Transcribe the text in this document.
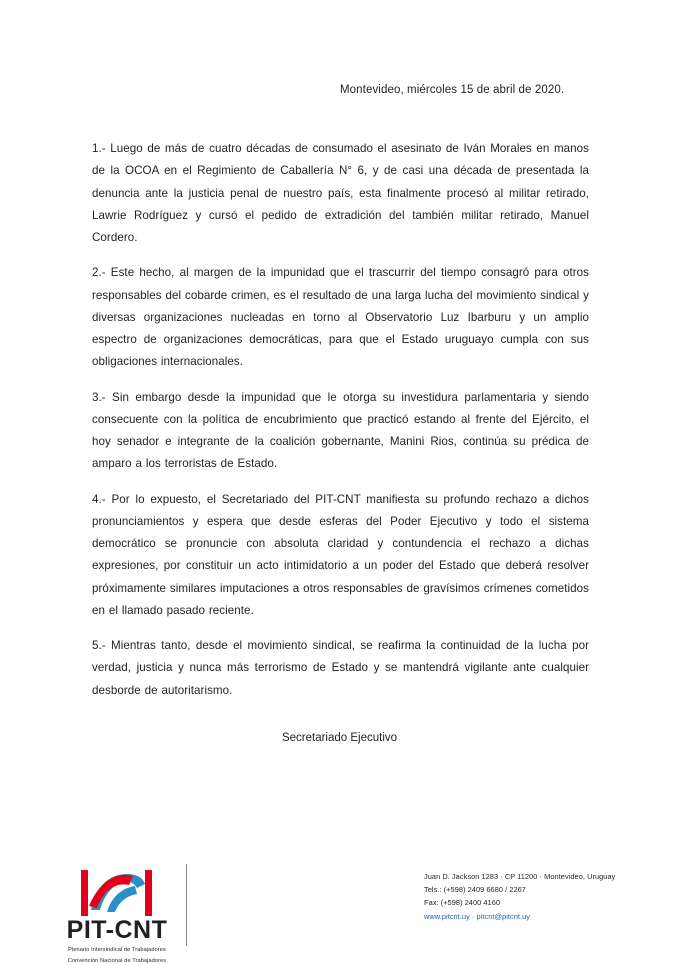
Montevideo, miércoles 15 de abril de 2020.

1.- Luego de más de cuatro décadas de consumado el asesinato de Iván Morales en manos de la OCOA en el Regimiento de Caballería N° 6, y de casi una década de presentada la denuncia ante la justicia penal de nuestro país, esta finalmente procesó al militar retirado, Lawrie Rodríguez y cursó el pedido de extradición del también militar retirado, Manuel Cordero.

2.- Este hecho, al margen de la impunidad que el trascurrir del tiempo consagró para otros responsables del cobarde crimen, es el resultado de una larga lucha del movimiento sindical y diversas organizaciones nucleadas en torno al Observatorio Luz Ibarburu y un amplio espectro de organizaciones democráticas, para que el Estado uruguayo cumpla con sus obligaciones internacionales.

3.- Sin embargo desde la impunidad que le otorga su investidura parlamentaria y siendo consecuente con la política de encubrimiento que practicó estando al frente del Ejército, el hoy senador e integrante de la coalición gobernante, Manini Rios, continúa su prédica de amparo a los terroristas de Estado.

4.- Por lo expuesto, el Secretariado del PIT-CNT manifiesta su profundo rechazo a dichos pronunciamientos y espera que desde esferas del Poder Ejecutivo y todo el sistema democrático se pronuncie con absoluta claridad y contundencia el rechazo a dichas expresiones, por constituir un acto intimidatorio a un poder del Estado que deberá resolver próximamente similares imputaciones a otros responsables de gravísimos crímenes cometidos en el llamado pasado reciente.

5.- Mientras tanto, desde el movimiento sindical, se reafirma la continuidad de la lucha por verdad, justicia y nunca más terrorismo de Estado y se mantendrá vigilante ante cualquier desborde de autoritarismo.

Secretariado Ejecutivo
PIT-CNT
Plenario Intersindical de Trabajadores
Convención Nacional de Trabajadores
Juan D. Jackson 1283 · CP 11200 · Montevideo, Uruguay
Tels.: (+598) 2409 6680 / 2267
Fax: (+598) 2400 4160
www.pitcnt.uy · pitcnt@pitcnt.uy
